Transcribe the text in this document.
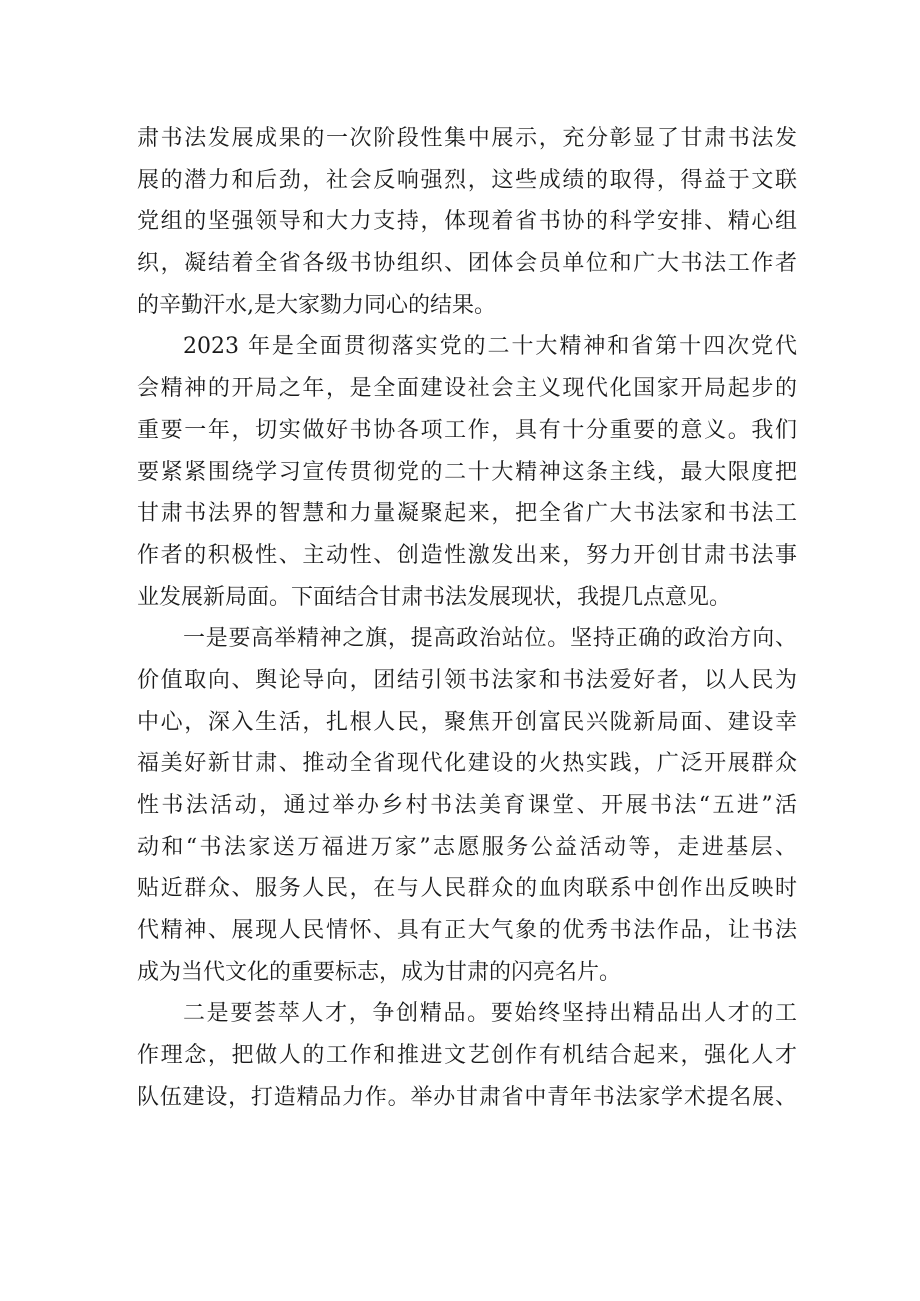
肃书法发展成果的一次阶段性集中展示，充分彰显了甘肃书法发
展的潜力和后劲，社会反响强烈，这些成绩的取得，得益于文联
党组的坚强领导和大力支持，体现着省书协的科学安排、精心组
织，凝结着全省各级书协组织、团体会员单位和广大书法工作者
的辛勤汗水,是大家勠力同心的结果。
2023 年是全面贯彻落实党的二十大精神和省第十四次党代
会精神的开局之年，是全面建设社会主义现代化国家开局起步的
重要一年，切实做好书协各项工作，具有十分重要的意义。我们
要紧紧围绕学习宣传贯彻党的二十大精神这条主线，最大限度把
甘肃书法界的智慧和力量凝聚起来，把全省广大书法家和书法工
作者的积极性、主动性、创造性激发出来，努力开创甘肃书法事
业发展新局面。下面结合甘肃书法发展现状，我提几点意见。
一是要高举精神之旗，提高政治站位。坚持正确的政治方向、
价值取向、舆论导向，团结引领书法家和书法爱好者，以人民为
中心，深入生活，扎根人民，聚焦开创富民兴陇新局面、建设幸
福美好新甘肃、推动全省现代化建设的火热实践，广泛开展群众
性书法活动，通过举办乡村书法美育课堂、开展书法“五进”活
动和“书法家送万福进万家”志愿服务公益活动等，走进基层、
贴近群众、服务人民，在与人民群众的血肉联系中创作出反映时
代精神、展现人民情怀、具有正大气象的优秀书法作品，让书法
成为当代文化的重要标志，成为甘肃的闪亮名片。
二是要荟萃人才，争创精品。要始终坚持出精品出人才的工
作理念，把做人的工作和推进文艺创作有机结合起来，强化人才
队伍建设，打造精品力作。举办甘肃省中青年书法家学术提名展、
